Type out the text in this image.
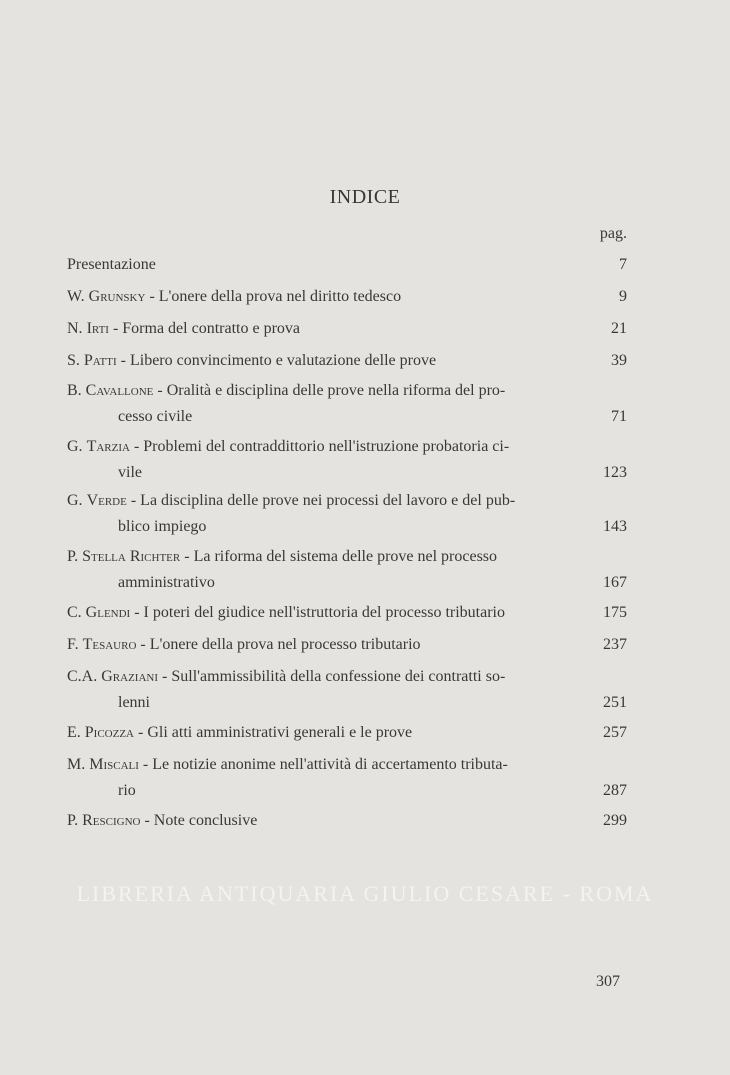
INDICE
pag.
Presentazione	7
W. Grunsky - L'onere della prova nel diritto tedesco	9
N. Irti - Forma del contratto e prova	21
S. Patti - Libero convincimento e valutazione delle prove	39
B. Cavallone - Oralità e disciplina delle prove nella riforma del pro-
cesso civile	71
G. Tarzia - Problemi del contraddittorio nell'istruzione probatoria ci-
vile	123
G. Verde - La disciplina delle prove nei processi del lavoro e del pub-
blico impiego	143
P. Stella Richter - La riforma del sistema delle prove nel processo
amministrativo	167
C. Glendi - I poteri del giudice nell'istruttoria del processo tributario	175
F. Tesauro - L'onere della prova nel processo tributario	237
C.A. Graziani - Sull'ammissibilità della confessione dei contratti so-
lenni	251
E. Picozza - Gli atti amministrativi generali e le prove	257
M. Miscali - Le notizie anonime nell'attività di accertamento tributa-
rio	287
P. Rescigno - Note conclusive	299
307
LIBRERIA ANTIQUARIA GIULIO CESARE - ROMA
